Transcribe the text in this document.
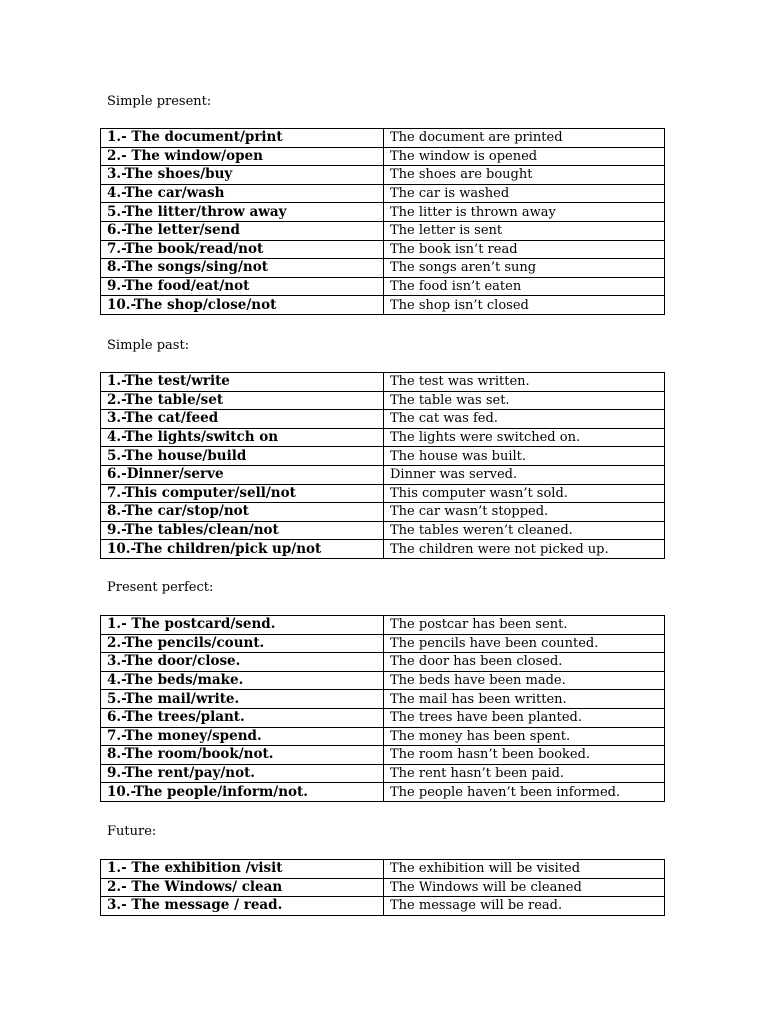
Simple present:
1.- The document/print	The document are printed
2.- The window/open	The window is opened
3.-The shoes/buy	The shoes are bought
4.-The car/wash	The car is washed
5.-The litter/throw away	The litter is thrown away
6.-The letter/send	The letter is sent
7.-The book/read/not	The book isn’t read
8.-The songs/sing/not	The songs aren’t sung
9.-The food/eat/not	The food isn’t eaten
10.-The shop/close/not	The shop isn’t closed
Simple past:
1.-The test/write	The test was written.
2.-The table/set	The table was set.
3.-The cat/feed	The cat was fed.
4.-The lights/switch on	The lights were switched on.
5.-The house/build	The house was built.
6.-Dinner/serve	Dinner was served.
7.-This computer/sell/not	This computer wasn’t sold.
8.-The car/stop/not	The car wasn’t stopped.
9.-The tables/clean/not	The tables weren’t cleaned.
10.-The children/pick up/not	The children were not picked up.
Present perfect:
1.- The postcard/send.	The postcar has been sent.
2.-The pencils/count.	The pencils have been counted.
3.-The door/close.	The door has been closed.
4.-The beds/make.	The beds have been made.
5.-The mail/write.	The mail has been written.
6.-The trees/plant.	The trees have been planted.
7.-The money/spend.	The money has been spent.
8.-The room/book/not.	The room hasn’t been booked.
9.-The rent/pay/not.	The rent hasn’t been paid.
10.-The people/inform/not.	The people haven’t been informed.
Future:
1.- The exhibition /visit	The exhibition will be visited
2.- The Windows/ clean	The Windows will be cleaned
3.- The message / read.	The message will be read.
